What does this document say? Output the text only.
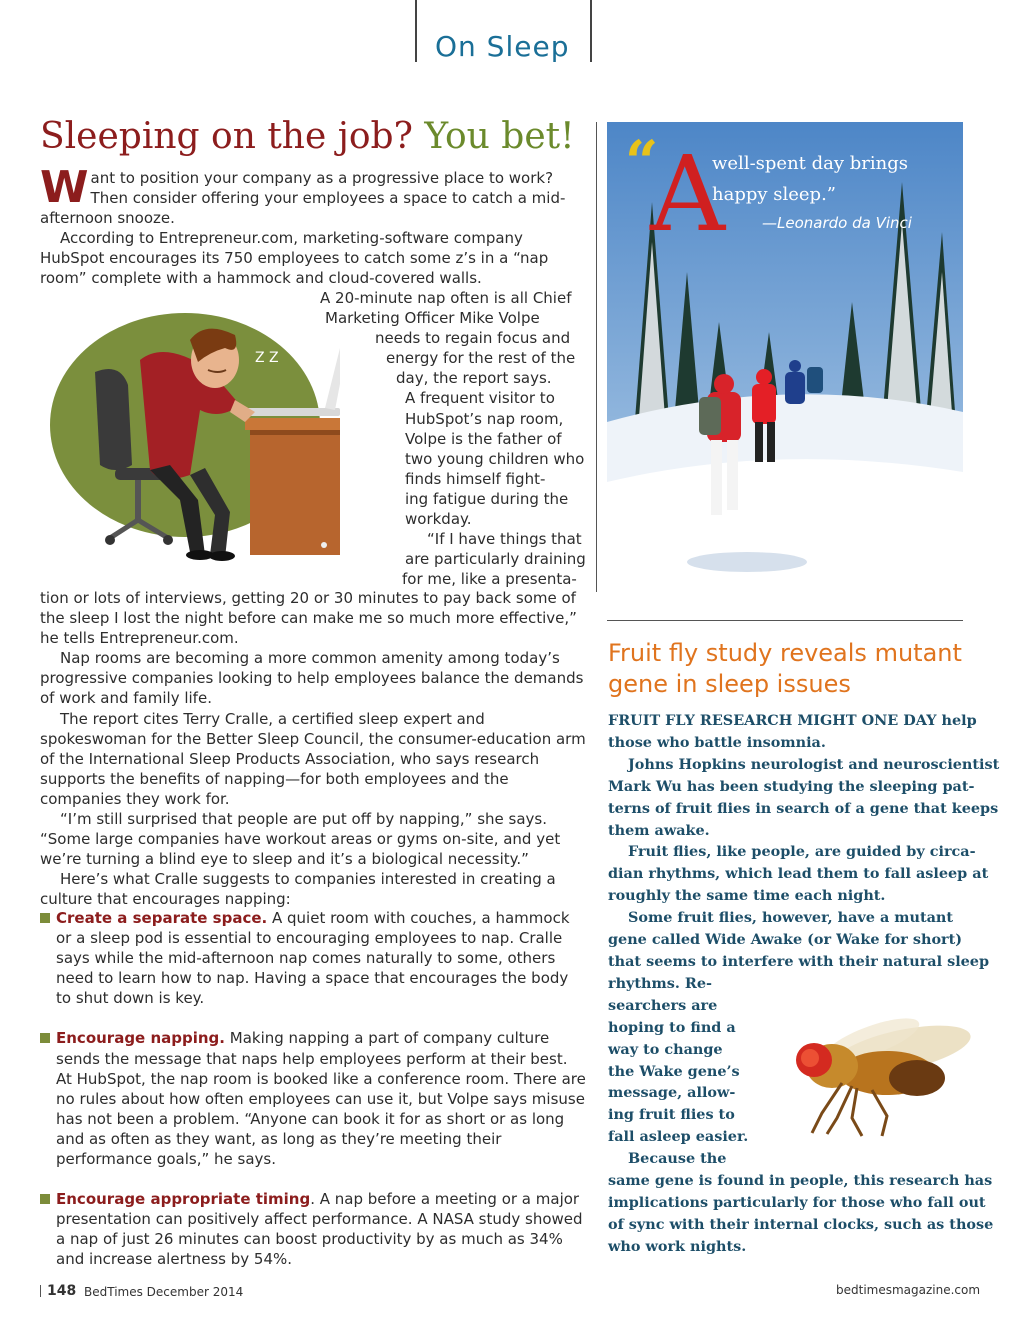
On Sleep
Sleeping on the job? You bet!

Want to position your company as a progressive place to work? Then consider offering your employees a space to catch a mid-afternoon snooze.

According to Entrepreneur.com, marketing-software company HubSpot encourages its 750 employees to catch some z’s in a “nap room” complete with a hammock and cloud-covered walls.

Z Z
A 20-minute nap often is all Chief
Marketing Officer Mike Volpe
needs to regain focus and
energy for the rest of the
day, the report says.
A frequent visitor to
HubSpot’s nap room,
Volpe is the father of
two young children who
finds himself fight-
ing fatigue during the
workday.
“If I have things that
are particularly draining
for me, like a presenta-

tion or lots of interviews, getting 20 or 30 minutes to pay back some of the sleep I lost the night before can make me so much more effective,” he tells Entrepreneur.com.

Nap rooms are becoming a more common amenity among today’s progressive companies looking to help employees balance the demands of work and family life.

The report cites Terry Cralle, a certified sleep expert and spokeswoman for the Better Sleep Council, the consumer-education arm of the International Sleep Products Association, who says research supports the benefits of napping—for both employees and the companies they work for.

“I’m still surprised that people are put off by napping,” she says. “Some large companies have workout areas or gyms on-site, and yet we’re turning a blind eye to sleep and it’s a biological necessity.”

Here’s what Cralle suggests to companies interested in creating a culture that encourages napping:

Create a separate space. A quiet room with couches, a hammock or a sleep pod is essential to encouraging employees to nap. Cralle says while the mid-afternoon nap comes naturally to some, others need to learn how to nap. Having a space that encourages the body to shut down is key.
Encourage napping. Making napping a part of company culture sends the message that naps help employees perform at their best. At HubSpot, the nap room is booked like a conference room. There are no rules about how often employees can use it, but Volpe says misuse has not been a problem. “Anyone can book it for as short or as long and as often as they want, as long as they’re meeting their performance goals,” he says.
Encourage appropriate timing. A nap before a meeting or a major presentation can positively affect performance. A NASA study showed a nap of just 26 minutes can boost productivity by as much as 34% and increase alertness by 54%.
“
A
well-spent day brings
happy sleep.”
—Leonardo da Vinci
Fruit fly study reveals mutant gene in sleep issues
FRUIT FLY RESEARCH MIGHT ONE DAY help
those who battle insomnia.
Johns Hopkins neurologist and neuroscientist
Mark Wu has been studying the sleeping pat-
terns of fruit flies in search of a gene that keeps
them awake.
Fruit flies, like people, are guided by circa-
dian rhythms, which lead them to fall asleep at
roughly the same time each night.
Some fruit flies, however, have a mutant
gene called Wide Awake (or Wake for short)
that seems to interfere with their natural sleep
rhythms. Re-
searchers are
hoping to find a
way to change
the Wake gene’s
message, allow-
ing fruit flies to
fall asleep easier.
Because the
same gene is found in people, this research has
implications particularly for those who fall out
of sync with their internal clocks, such as those
who work nights.
148 BedTimes December 2014	bedtimesmagazine.com
